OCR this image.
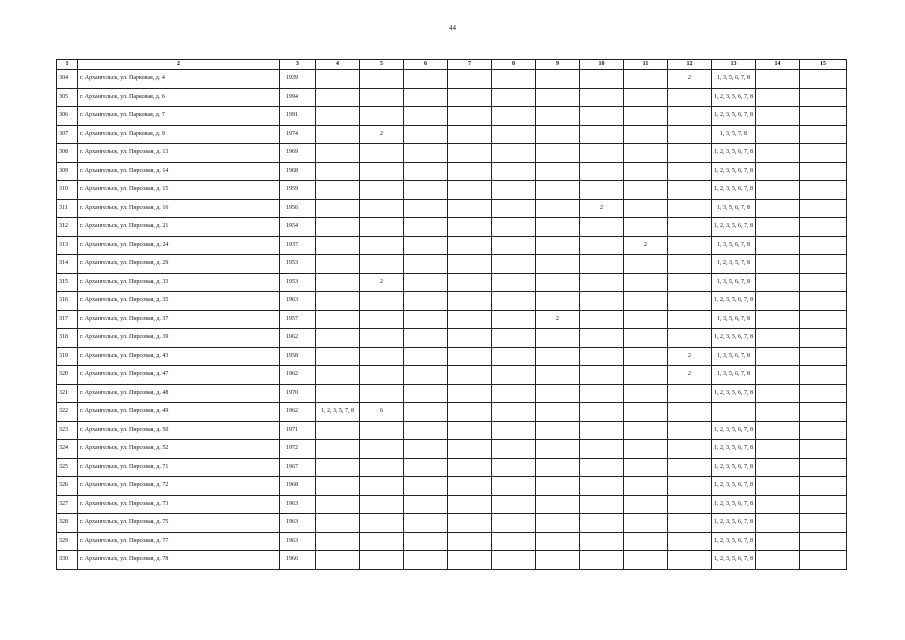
44
1	2	3	4	5	6	7	8	9	10	11	12	13	14	15
304	г. Архангельск, ул. Парковая, д. 4	1939									2	1, 3, 5, 6, 7, 8		
305	г. Архангельск, ул. Парковая, д. 6	1994										1, 2, 3, 5, 6, 7, 8		
306	г. Архангельск, ул. Парковая, д. 7	1991										1, 2, 3, 5, 6, 7, 8		
307	г. Архангельск, ул. Парковая, д. 9	1974		2								1, 3, 5, 7, 8		
308	г. Архангельск, ул. Пирсовая, д. 13	1969										1, 2, 3, 5, 6, 7, 8		
309	г. Архангельск, ул. Пирсовая, д. 14	1968										1, 2, 3, 5, 6, 7, 8		
310	г. Архангельск, ул. Пирсовая, д. 15	1959										1, 2, 3, 5, 6, 7, 8		
311	г. Архангельск, ул. Пирсовая, д. 16	1956							2			1, 3, 5, 6, 7, 8		
312	г. Архангельск, ул. Пирсовая, д. 21	1954										1, 2, 3, 5, 6, 7, 8		
313	г. Архангельск, ул. Пирсовая, д. 24	1937								2		1, 3, 5, 6, 7, 8		
314	г. Архангельск, ул. Пирсовая, д. 29	1953										1, 2, 3, 5, 7, 8		
315	г. Архангельск, ул. Пирсовая, д. 33	1953		2								1, 3, 5, 6, 7, 8		
316	г. Архангельск, ул. Пирсовая, д. 35	1963										1, 2, 3, 5, 6, 7, 8		
317	г. Архангельск, ул. Пирсовая, д. 37	1957						2				1, 3, 5, 6, 7, 8		
318	г. Архангельск, ул. Пирсовая, д. 39	1962										1, 2, 3, 5, 6, 7, 8		
319	г. Архангельск, ул. Пирсовая, д. 43	1958									2	1, 3, 5, 6, 7, 8		
320	г. Архангельск, ул. Пирсовая, д. 47	1962									2	1, 3, 5, 6, 7, 8		
321	г. Архангельск, ул. Пирсовая, д. 48	1970										1, 2, 3, 5, 6, 7, 8		
322	г. Архангельск, ул. Пирсовая, д. 49	1962	1, 2, 3, 5, 7, 8	6										
323	г. Архангельск, ул. Пирсовая, д. 50	1971										1, 2, 3, 5, 6, 7, 8		
324	г. Архангельск, ул. Пирсовая, д. 52	1972										1, 2, 3, 5, 6, 7, 8		
325	г. Архангельск, ул. Пирсовая, д. 71	1967										1, 2, 3, 5, 6, 7, 8		
326	г. Архангельск, ул. Пирсовая, д. 72	1968										1, 2, 3, 5, 6, 7, 8		
327	г. Архангельск, ул. Пирсовая, д. 73	1963										1, 2, 3, 5, 6, 7, 8		
328	г. Архангельск, ул. Пирсовая, д. 75	1963										1, 2, 3, 5, 6, 7, 8		
329	г. Архангельск, ул. Пирсовая, д. 77	1963										1, 2, 3, 5, 6, 7, 8		
330	г. Архангельск, ул. Пирсовая, д. 78	1966										1, 2, 3, 5, 6, 7, 8		
